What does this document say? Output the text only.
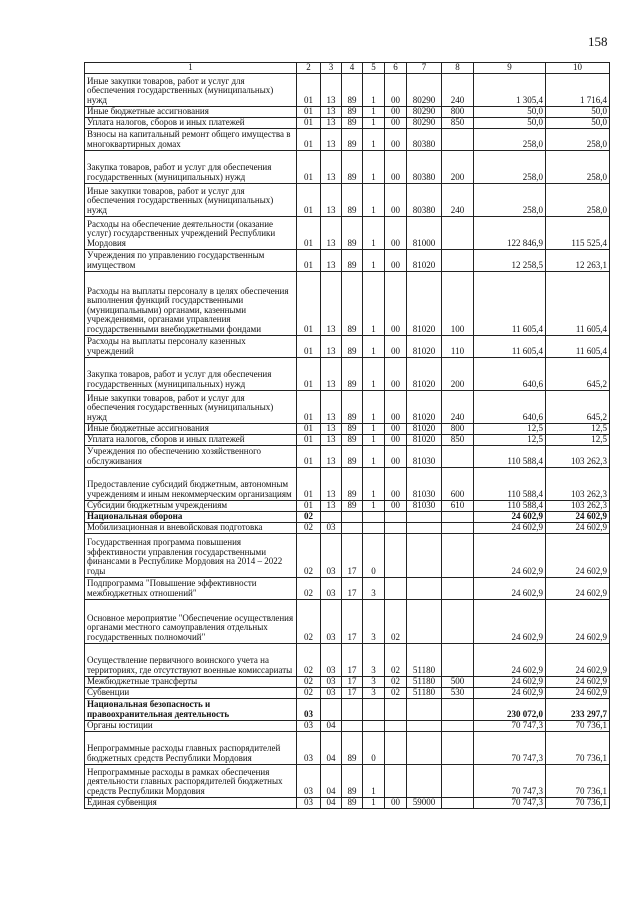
158
1	2	3	4	5	6	7	8	9	10
Иные закупки товаров, работ и услуг для обеспечения государственных (муниципальных) нужд	01	13	89	1	00	80290	240	1 305,4	1 716,4
Иные бюджетные ассигнования	01	13	89	1	00	80290	800	50,0	50,0
Уплата налогов, сборов и иных платежей	01	13	89	1	00	80290	850	50,0	50,0
Взносы на капитальный ремонт общего имущества в многоквартирных домах	01	13	89	1	00	80380		258,0	258,0
Закупка товаров, работ и услуг для обеспечения государственных (муниципальных) нужд	01	13	89	1	00	80380	200	258,0	258,0
Иные закупки товаров, работ и услуг для обеспечения государственных (муниципальных) нужд	01	13	89	1	00	80380	240	258,0	258,0
Расходы на обеспечение деятельности (оказание услуг) государственных учреждений Республики Мордовия	01	13	89	1	00	81000		122 846,9	115 525,4
Учреждения по управлению государственным имуществом	01	13	89	1	00	81020		12 258,5	12 263,1
Расходы на выплаты персоналу в целях обеспечения выполнения функций государственными (муниципальными) органами, казенными учреждениями, органами управления государственными внебюджетными фондами	01	13	89	1	00	81020	100	11 605,4	11 605,4
Расходы на выплаты персоналу казенных учреждений	01	13	89	1	00	81020	110	11 605,4	11 605,4
Закупка товаров, работ и услуг для обеспечения государственных (муниципальных) нужд	01	13	89	1	00	81020	200	640,6	645,2
Иные закупки товаров, работ и услуг для обеспечения государственных (муниципальных) нужд	01	13	89	1	00	81020	240	640,6	645,2
Иные бюджетные ассигнования	01	13	89	1	00	81020	800	12,5	12,5
Уплата налогов, сборов и иных платежей	01	13	89	1	00	81020	850	12,5	12,5
Учреждения по обеспечению хозяйственного обслуживания	01	13	89	1	00	81030		110 588,4	103 262,3
Предоставление субсидий бюджетным, автономным учреждениям и иным некоммерческим организациям	01	13	89	1	00	81030	600	110 588,4	103 262,3
Субсидии бюджетным учреждениям	01	13	89	1	00	81030	610	110 588,4	103 262,3
Национальная оборона	02							24 602,9	24 602,9
Мобилизационная и вневойсковая подготовка	02	03						24 602,9	24 602,9
Государственная программа повышения эффективности управления государственными финансами в Республике Мордовия на 2014 – 2022 годы	02	03	17	0				24 602,9	24 602,9
Подпрограмма "Повышение эффективности межбюджетных отношений"	02	03	17	3				24 602,9	24 602,9
Основное мероприятие "Обеспечение осуществления органами местного самоуправления отдельных государственных полномочий"	02	03	17	3	02			24 602,9	24 602,9
Осуществление первичного воинского учета на территориях, где отсутствуют военные комиссариаты	02	03	17	3	02	51180		24 602,9	24 602,9
Межбюджетные трансферты	02	03	17	3	02	51180	500	24 602,9	24 602,9
Субвенции	02	03	17	3	02	51180	530	24 602,9	24 602,9
Национальная безопасность и правоохранительная деятельность	03							230 072,0	233 297,7
Органы юстиции	03	04						70 747,3	70 736,1
Непрограммные расходы главных распорядителей бюджетных средств Республики Мордовия	03	04	89	0				70 747,3	70 736,1
Непрограммные расходы в рамках обеспечения деятельности главных распорядителей бюджетных средств Республики Мордовия	03	04	89	1				70 747,3	70 736,1
Единая субвенция	03	04	89	1	00	59000		70 747,3	70 736,1
